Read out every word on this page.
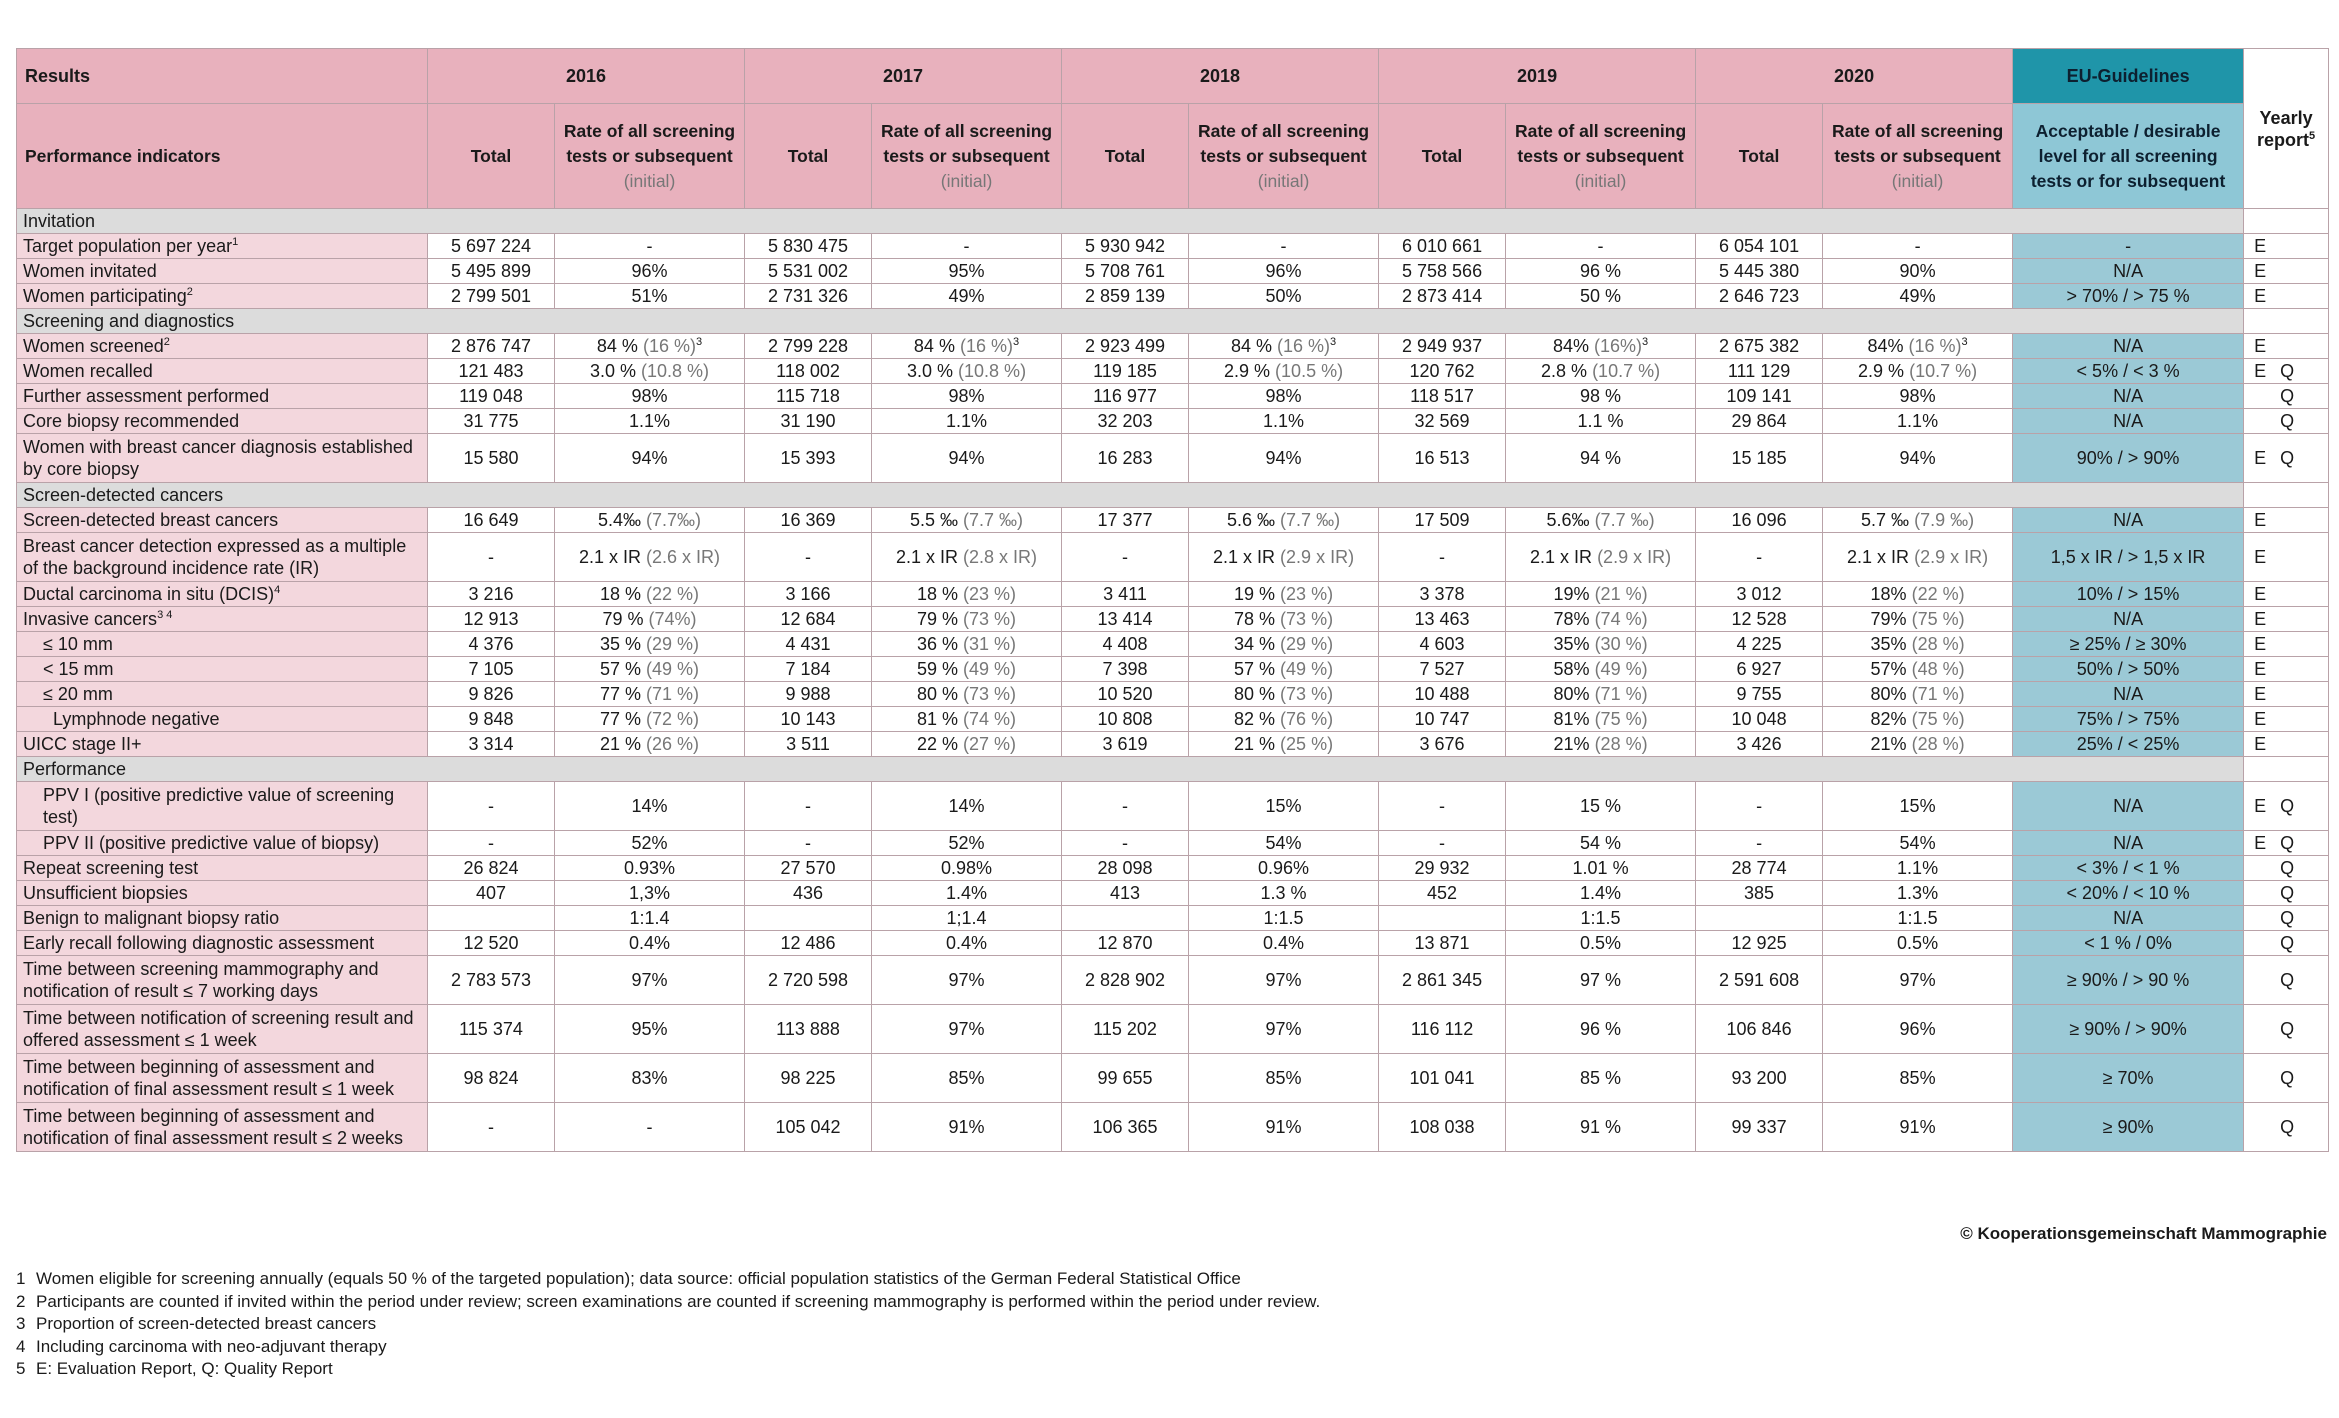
Results	2016		2017		2018		2019		2020		EU-Guidelines	Yearly report$^5$
Performance indicators	Total	Rate of all screening tests or subsequent (initial)	Total	Rate of all screening tests or subsequent (initial)	Total	Rate of all screening tests or subsequent (initial)	Total	Rate of all screening tests or subsequent (initial)	Total	Rate of all screening tests or subsequent (initial)	Acceptable / desirable level for all screening tests or for subsequent	
Invitation												
Target population per year$^1$	5 697 224	-	5 830 475	-	5 930 942	-	6 010 661	-	6 054 101	-	-	E
Women invitated	5 495 899	96%	5 531 002	95%	5 708 761	96%	5 758 566	96 %	5 445 380	90%	N/A	E
Women participating$^2$	2 799 501	51%	2 731 326	49%	2 859 139	50%	2 873 414	50 %	2 646 723	49%	> 70% / > 75 %	E
Screening and diagnostics												
Women screened$^2$	2 876 747	84 % (16 %)$^3$	2 799 228	84 % (16 %)$^3$	2 923 499	84 % (16 %)$^3$	2 949 937	84% $(16\%)^3$	2 675 382	84% (16 %)$^3$	N/A	E
Women recalled	121 483	3.0 % (10.8 %)	118 002	3.0 % (10.8 %)	119 185	2.9 % (10.5 %)	120 762	2.8 % (10.7 %)	111 129	2.9 % (10.7 %)	< 5% / < 3 %	E Q
Further assessment performed	119 048	98%	115 718	98%	116 977	98%	118 517	98 %	109 141	98%	N/A	Q
Core biopsy recommended	31 775	1.1%	31 190	1.1%	32 203	1.1%	32 569	1.1 %	29 864	1.1%	N/A	Q
Women with breast cancer diagnosis established by core biopsy	15 580	94%	15 393	94%	16 283	94%	16 513	94 %	15 185	94%	90% / > 90%	E Q
Screen-detected cancers												
Screen-detected breast cancers	16 649	5.4‰ (7.7‰)	16 369	5.5 ‰ (7.7 ‰)	17 377	5.6 ‰ (7.7 ‰)	17 509	5.6‰ (7.7 ‰)	16 096	5.7 ‰ (7.9 ‰)	N/A	E
Breast cancer detection expressed as a multiple of the background incidence rate (IR)	-	2.1 x IR (2.6 x IR)	-	2.1 x IR (2.8 x IR)	-	2.1 x IR (2.9 x IR)	-	2.1 x IR (2.9 x IR)	-	2.1 x IR (2.9 x IR)	1,5 x IR / > 1,5 x IR	E
Ductal carcinoma in situ (DCIS)$^4$	3 216	18 % (22 %)	3 166	18 % (23 %)	3 411	19 % (23 %)	3 378	19% (21 %)	3 012	18% (22 %)	10% / > 15%	E
Invasive cancers$^{3 4}$	12 913	79 % (74%)	12 684	79 % (73 %)	13 414	78 % (73 %)	13 463	78% (74 %)	12 528	79% (75 %)	N/A	E
≤ 10 mm	4 376	35 % (29 %)	4 431	36 % (31 %)	4 408	34 % (29 %)	4 603	35% (30 %)	4 225	35% (28 %)	≥ 25% / ≥ 30%	E
< 15 mm	7 105	57 % (49 %)	7 184	59 % (49 %)	7 398	57 % (49 %)	7 527	58% (49 %)	6 927	57% (48 %)	50% / > 50%	E
≤ 20 mm	9 826	77 % (71 %)	9 988	80 % (73 %)	10 520	80 % (73 %)	10 488	80% (71 %)	9 755	80% (71 %)	N/A	E
Lymphnode negative	9 848	77 % (72 %)	10 143	81 % (74 %)	10 808	82 % (76 %)	10 747	81% (75 %)	10 048	82% (75 %)	75% / > 75%	E
UICC stage II+	3 314	21 % (26 %)	3 511	22 % (27 %)	3 619	21 % (25 %)	3 676	21% (28 %)	3 426	21% (28 %)	25% / < 25%	E
Performance												
PPV I (positive predictive value of screening test)	-	14%	-	14%	-	15%	-	15 %	-	15%	N/A	E Q
PPV II (positive predictive value of biopsy)	-	52%	-	52%	-	54%	-	54 %	-	54%	N/A	E Q
Repeat screening test	26 824	0.93%	27 570	0.98%	28 098	0.96%	29 932	1.01 %	28 774	1.1%	< 3% / < 1 %	Q
Unsufficient biopsies	407	1,3%	436	1.4%	413	1.3 %	452	1.4%	385	1.3%	< 20% / < 10 %	Q
Benign to malignant biopsy ratio		1:1.4		1;1.4		1:1.5		1:1.5		1:1.5	N/A	Q
Early recall following diagnostic assessment	12 520	0.4%	12 486	0.4%	12 870	0.4%	13 871	0.5%	12 925	0.5%	< 1 % / 0%	Q
Time between screening mammography and notification of result ≤ 7 working days	2 783 573	97%	2 720 598	97%	2 828 902	97%	2 861 345	97 %	2 591 608	97%	≥ 90% / > 90 %	Q
Time between notification of screening result and offered assessment ≤ 1 week	115 374	95%	113 888	97%	115 202	97%	116 112	96 %	106 846	96%	≥ 90% / > 90%	Q
Time between beginning of assessment and notification of final assessment result ≤ 1 week	98 824	83%	98 225	85%	99 655	85%	101 041	85 %	93 200	85%	≥ 70%	Q
Time between beginning of assessment and notification of final assessment result ≤ 2 weeks	-	-	105 042	91%	106 365	91%	108 038	91 %	99 337	91%	≥ 90%	Q
© Kooperationsgemeinschaft Mammographie
1 Women eligible for screening annually (equals 50 % of the targeted population); data source: official population statistics of the German Federal Statistical Office
2 Participants are counted if invited within the period under review; screen examinations are counted if screening mammography is performed within the period under review.
3 Proportion of screen-detected breast cancers
4 Including carcinoma with neo-adjuvant therapy
5 E: Evaluation Report, Q: Quality Report
